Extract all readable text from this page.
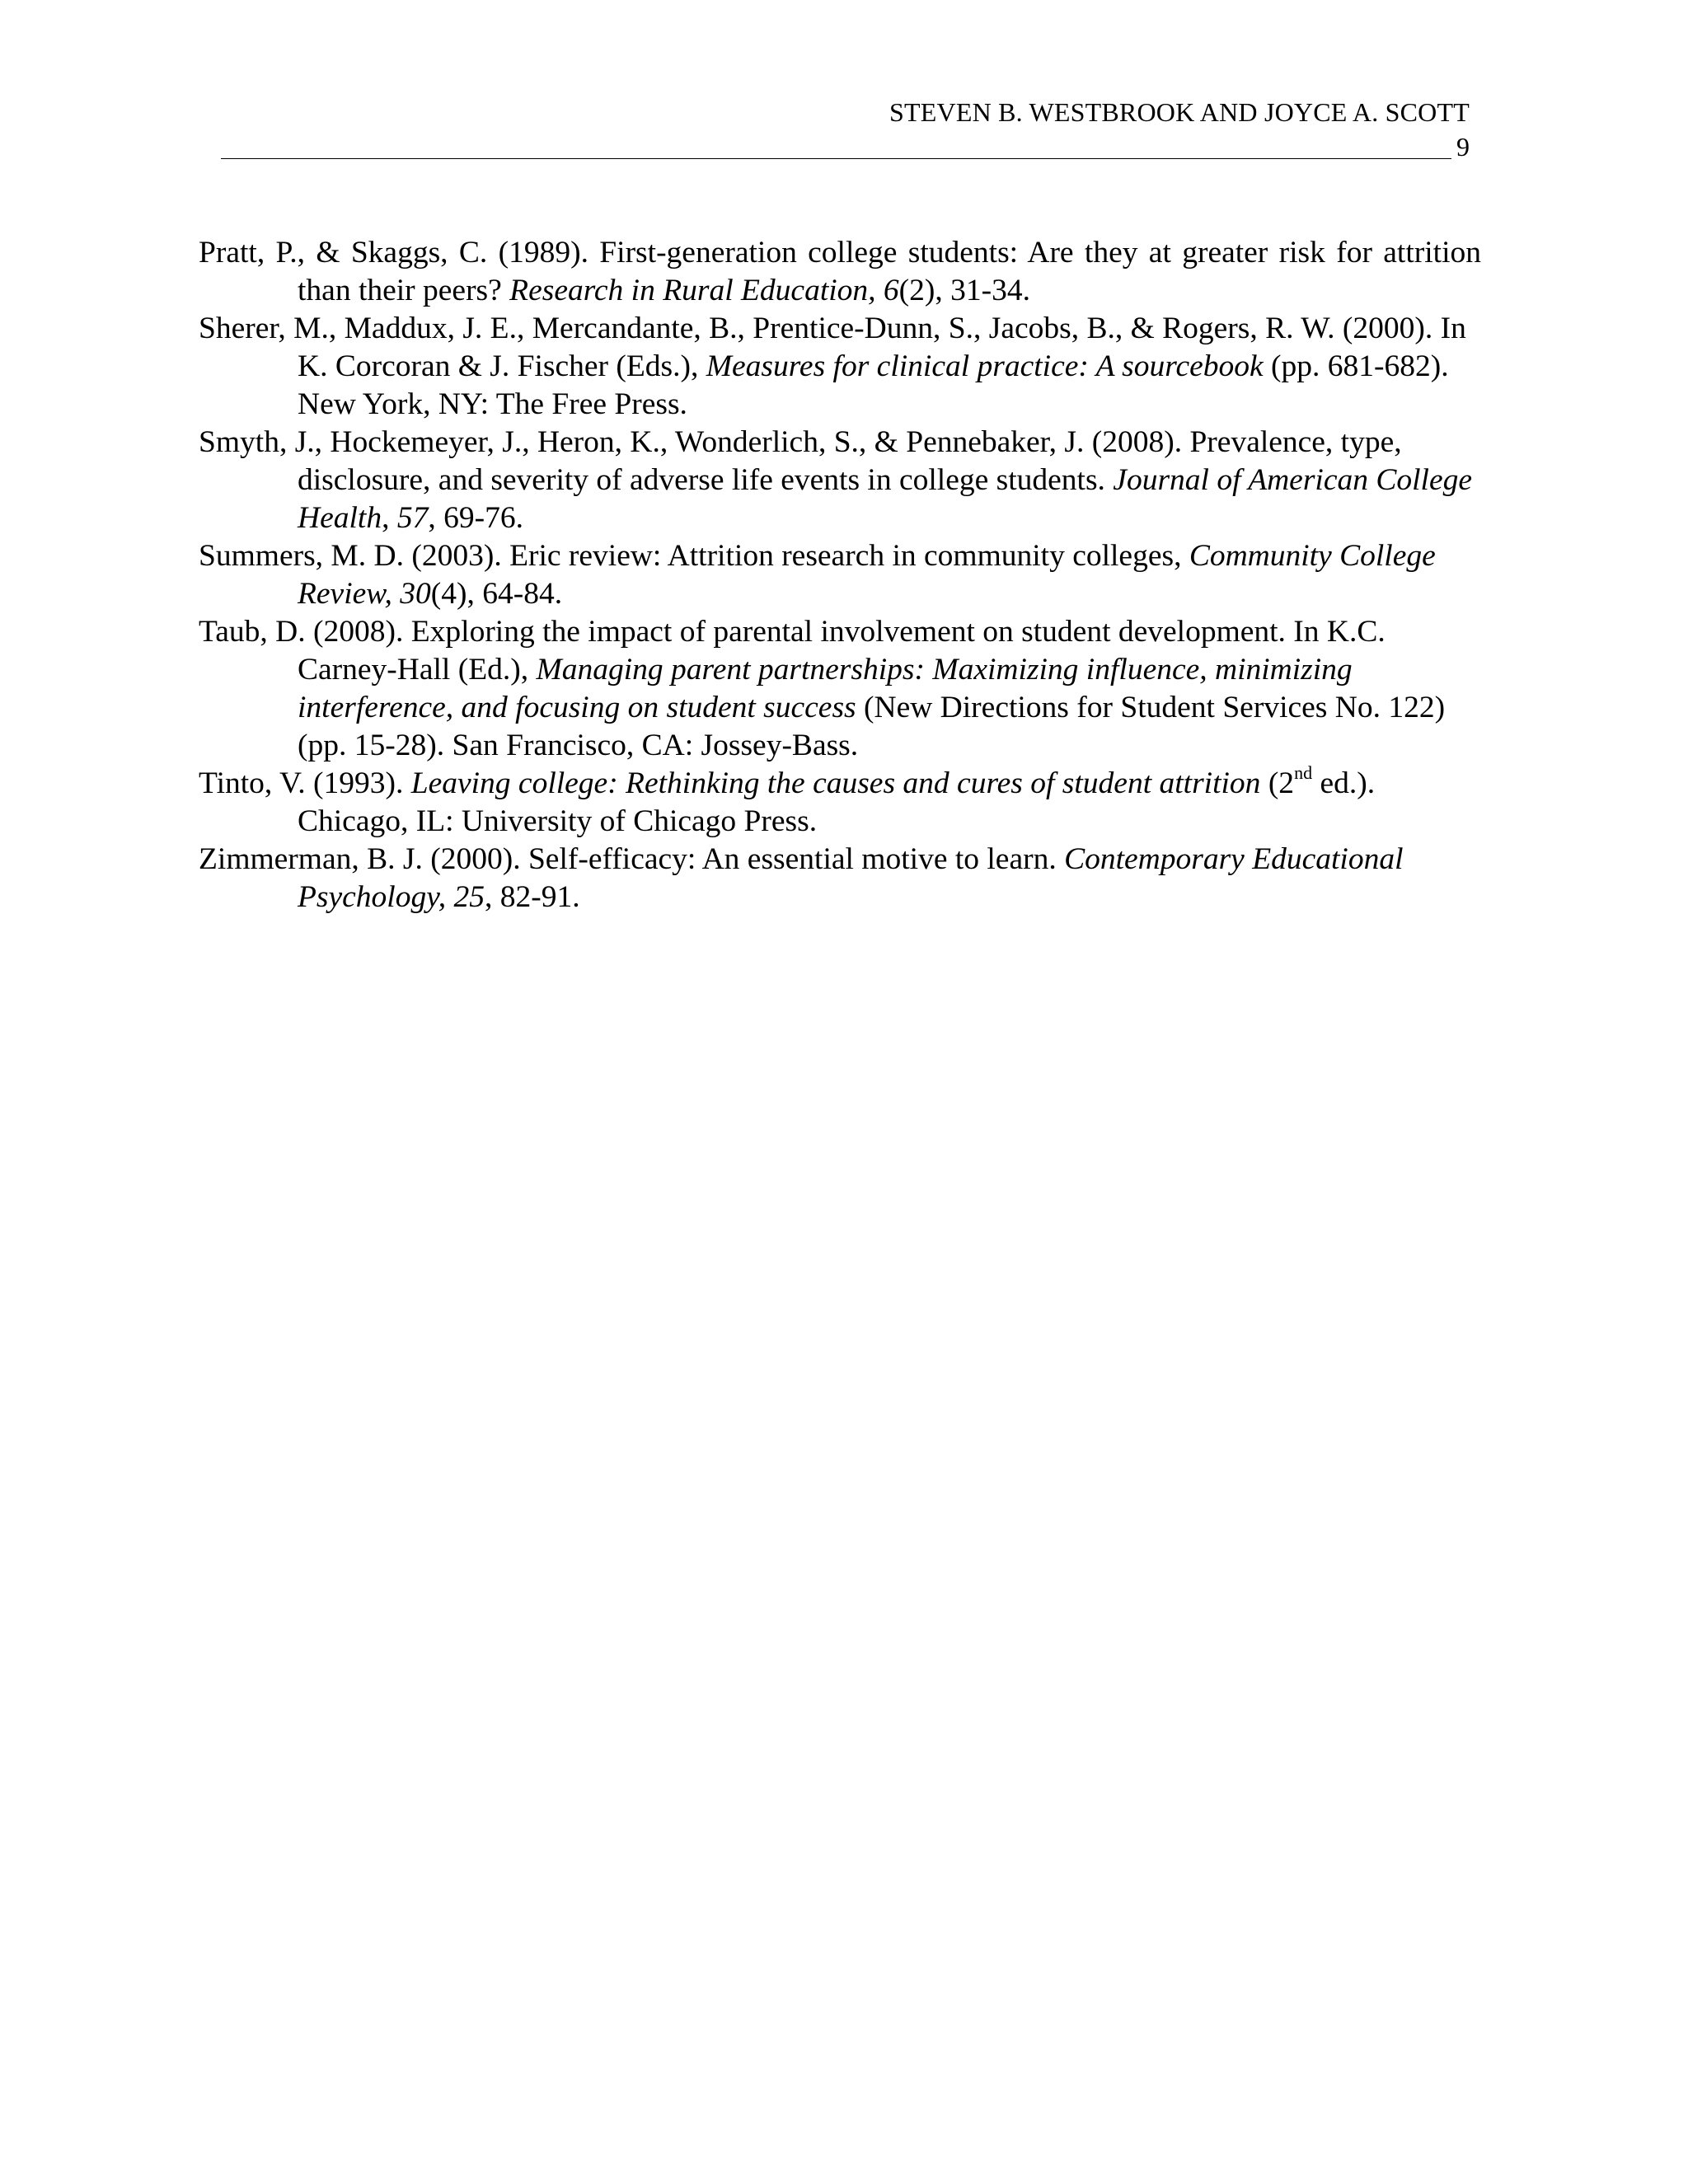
STEVEN B. WESTBROOK AND JOYCE A. SCOTT
9

Pratt, P., & Skaggs, C. (1989). First-generation college students: Are they at greater risk for attrition than their peers? Research in Rural Education, 6(2), 31-34.

Sherer, M., Maddux, J. E., Mercandante, B., Prentice-Dunn, S., Jacobs, B., & Rogers, R. W. (2000). In K. Corcoran & J. Fischer (Eds.), Measures for clinical practice: A sourcebook (pp. 681-682). New York, NY: The Free Press.

Smyth, J., Hockemeyer, J., Heron, K., Wonderlich, S., & Pennebaker, J. (2008). Prevalence, type, disclosure, and severity of adverse life events in college students. Journal of American College Health, 57, 69-76.

Summers, M. D. (2003). Eric review: Attrition research in community colleges, Community College Review, 30(4), 64-84.

Taub, D. (2008). Exploring the impact of parental involvement on student development. In K.C. Carney-Hall (Ed.), Managing parent partnerships: Maximizing influence, minimizing interference, and focusing on student success (New Directions for Student Services No. 122) (pp. 15-28). San Francisco, CA: Jossey-Bass.

Tinto, V. (1993). Leaving college: Rethinking the causes and cures of student attrition (2nd ed.). Chicago, IL: University of Chicago Press.

Zimmerman, B. J. (2000). Self-efficacy: An essential motive to learn. Contemporary Educational Psychology, 25, 82-91.
